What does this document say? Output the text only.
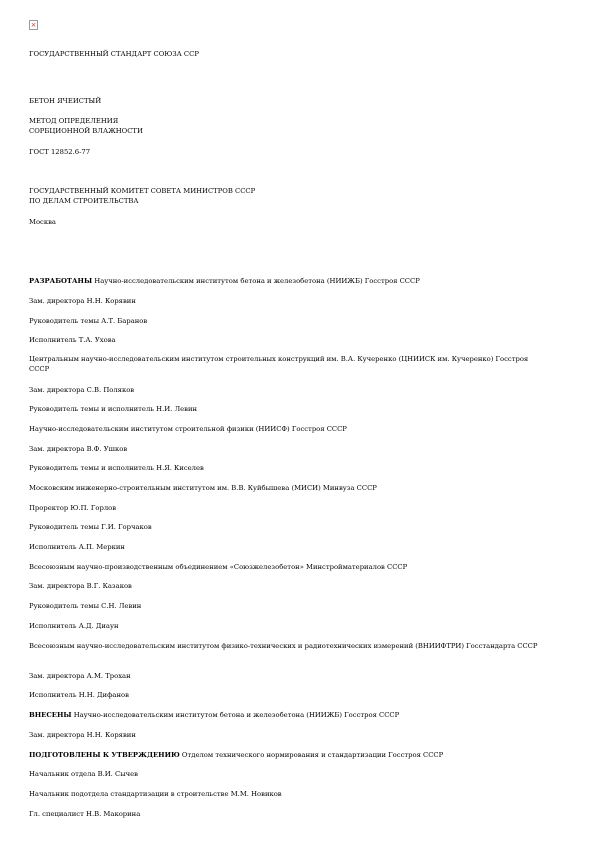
×
ГОСУДАРСТВЕННЫЙ СТАНДАРТ СОЮЗА ССР
БЕТОН ЯЧЕИСТЫЙ
МЕТОД ОПРЕДЕЛЕНИЯ
СОРБЦИОННОЙ ВЛАЖНОСТИ
ГОСТ 12852.6-77
ГОСУДАРСТВЕННЫЙ КОМИТЕТ СОВЕТА МИНИСТРОВ СССР
ПО ДЕЛАМ СТРОИТЕЛЬСТВА
Москва
РАЗРАБОТАНЫ Научно-исследовательским институтом бетона и железобетона (НИИЖБ) Госстроя СССР
Зам. директора Н.Н. Корявин
Руководитель темы А.Т. Баранов
Исполнитель Т.А. Ухова
Центральным научно-исследовательским институтом строительных конструкций им. В.А. Кучеренко (ЦНИИСК им. Кучеренко) Госстроя СССР
Зам. директора С.В. Поляков
Руководитель темы и исполнитель Н.И. Левин
Научно-исследовательским институтом строительной физики (НИИСФ) Госстроя СССР
Зам. директора В.Ф. Ушков
Руководитель темы и исполнитель Н.Я. Киселев
Московским инженерно-строительным институтом им. В.В. Куйбышева (МИСИ) Минвуза СССР
Проректор Ю.П. Горлов
Руководитель темы Г.И. Горчаков
Исполнитель А.П. Меркин
Всесоюзным научно-производственным объединением «Союзжелезобетон» Минстройматериалов СССР
Зам. директора В.Г. Казаков
Руководитель темы С.Н. Левин
Исполнитель А.Д. Диаун
Всесоюзным научно-исследовательским институтом физико-технических и радиотехнических измерений (ВНИИФТРИ) Госстандарта СССР
Зам. директора А.М. Трохан
Исполнитель Н.Н. Дифанов
ВНЕСЕНЫ Научно-исследовательским институтом бетона и железобетона (НИИЖБ) Госстроя СССР
Зам. директора Н.Н. Корявин
ПОДГОТОВЛЕНЫ К УТВЕРЖДЕНИЮ Отделом технического нормирования и стандартизации Госстроя СССР
Начальник отдела В.И. Сычев
Начальник подотдела стандартизации в строительстве М.М. Новиков
Гл. специалист Н.В. Макорина
